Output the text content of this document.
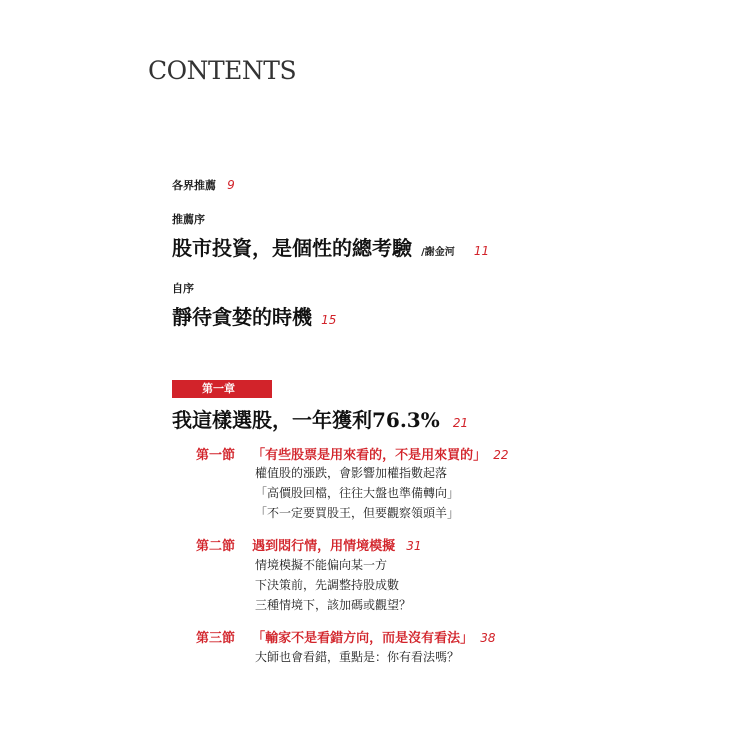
CONTENTS
各界推薦 9
推薦序
股市投資，是個性的總考驗 /謝金河 11
自序
靜待貪婪的時機 15
第一章
我這樣選股，一年獲利76.3% 21
第一節 「有些股票是用來看的，不是用來買的」 22
權值股的漲跌，會影響加權指數起落
「高價股回檔，往往大盤也準備轉向」
「不一定要買股王，但要觀察領頭羊」
第二節 遇到悶行情，用情境模擬 31
情境模擬不能偏向某一方
下決策前，先調整持股成數
三種情境下，該加碼或觀望？
第三節 「輸家不是看錯方向，而是沒有看法」 38
大師也會看錯，重點是：你有看法嗎？
